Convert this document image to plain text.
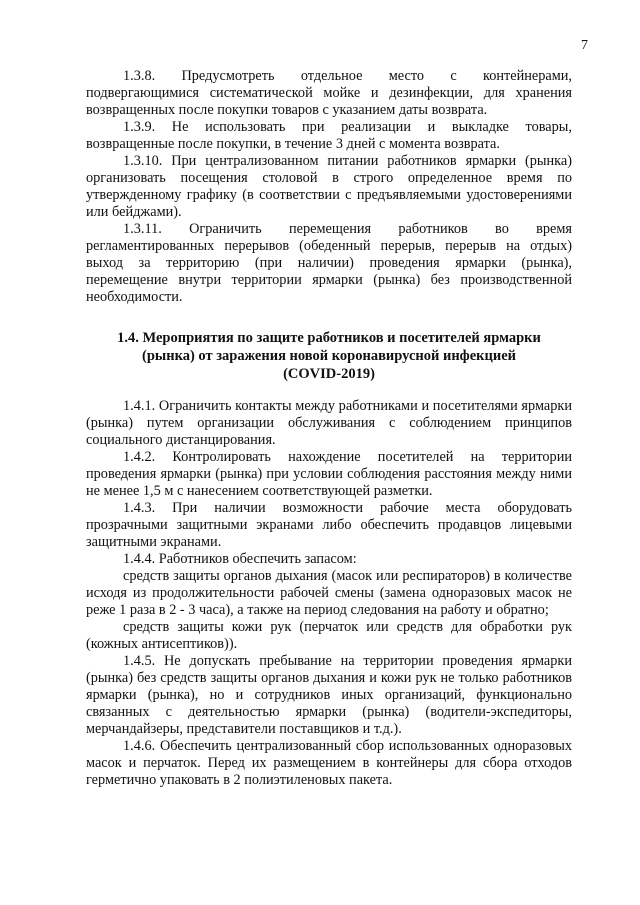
7

1.3.8. Предусмотреть отдельное место с контейнерами, подвергающимися систематической мойке и дезинфекции, для хранения возвращенных после покупки товаров с указанием даты возврата.

1.3.9. Не использовать при реализации и выкладке товары, возвращенные после покупки, в течение 3 дней с момента возврата.

1.3.10. При централизованном питании работников ярмарки (рынка) организовать посещения столовой в строго определенное время по утвержденному графику (в соответствии с предъявляемыми удостоверениями или бейджами).

1.3.11. Ограничить перемещения работников во время регламентированных перерывов (обеденный перерыв, перерыв на отдых) выход за территорию (при наличии) проведения ярмарки (рынка), перемещение внутри территории ярмарки (рынка) без производственной необходимости.

1.4. Мероприятия по защите работников и посетителей ярмарки
(рынка) от заражения новой коронавирусной инфекцией
(COVID-2019)

1.4.1. Ограничить контакты между работниками и посетителями ярмарки (рынка) путем организации обслуживания с соблюдением принципов социального дистанцирования.

1.4.2. Контролировать нахождение посетителей на территории проведения ярмарки (рынка) при условии соблюдения расстояния между ними не менее 1,5 м с нанесением соответствующей разметки.

1.4.3. При наличии возможности рабочие места оборудовать прозрачными защитными экранами либо обеспечить продавцов лицевыми защитными экранами.

1.4.4. Работников обеспечить запасом:

средств защиты органов дыхания (масок или респираторов) в количестве исходя из продолжительности рабочей смены (замена одноразовых масок не реже 1 раза в 2 - 3 часа), а также на период следования на работу и обратно;

средств защиты кожи рук (перчаток или средств для обработки рук (кожных антисептиков)).

1.4.5. Не допускать пребывание на территории проведения ярмарки (рынка) без средств защиты органов дыхания и кожи рук не только работников ярмарки (рынка), но и сотрудников иных организаций, функционально связанных с деятельностью ярмарки (рынка) (водители-экспедиторы, мерчандайзеры, представители поставщиков и т.д.).

1.4.6. Обеспечить централизованный сбор использованных одноразовых масок и перчаток. Перед их размещением в контейнеры для сбора отходов герметично упаковать в 2 полиэтиленовых пакета.
